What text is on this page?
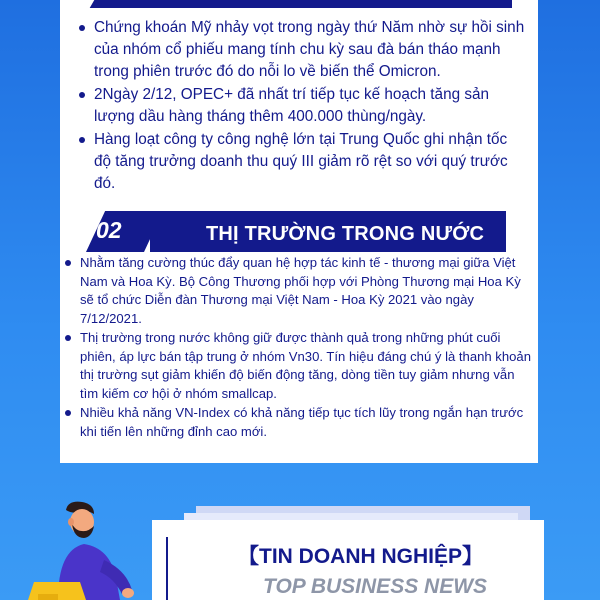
Chứng khoán Mỹ nhảy vọt trong ngày thứ Năm nhờ sự hồi sinh của nhóm cổ phiếu mang tính chu kỳ sau đà bán tháo mạnh trong phiên trước đó do nỗi lo về biến thể Omicron.
2Ngày 2/12, OPEC+ đã nhất trí tiếp tục kế hoạch tăng sản lượng dầu hàng tháng thêm 400.000 thùng/ngày.
Hàng loạt công ty công nghệ lớn tại Trung Quốc ghi nhận tốc độ tăng trưởng doanh thu quý III giảm rõ rệt so với quý trước đó.
02	THỊ TRƯỜNG TRONG NƯỚC
Nhằm tăng cường thúc đẩy quan hệ hợp tác kinh tế - thương mại giữa Việt Nam và Hoa Kỳ. Bộ Công Thương phối hợp với Phòng Thương mại Hoa Kỳ sẽ tổ chức Diễn đàn Thương mại Việt Nam - Hoa Kỳ 2021 vào ngày 7/12/2021.
Thị trường trong nước không giữ được thành quả trong những phút cuối phiên, áp lực bán tập trung ở nhóm Vn30. Tín hiệu đáng chú ý là thanh khoản thị trường sụt giảm khiến độ biến động tăng, dòng tiền tuy giảm nhưng vẫn tìm kiếm cơ hội ở nhóm smallcap.
Nhiều khả năng VN-Index có khả năng tiếp tục tích lũy trong ngắn hạn trước khi tiến lên những đỉnh cao mới.
【TIN DOANH NGHIỆP】
TOP BUSINESS NEWS
